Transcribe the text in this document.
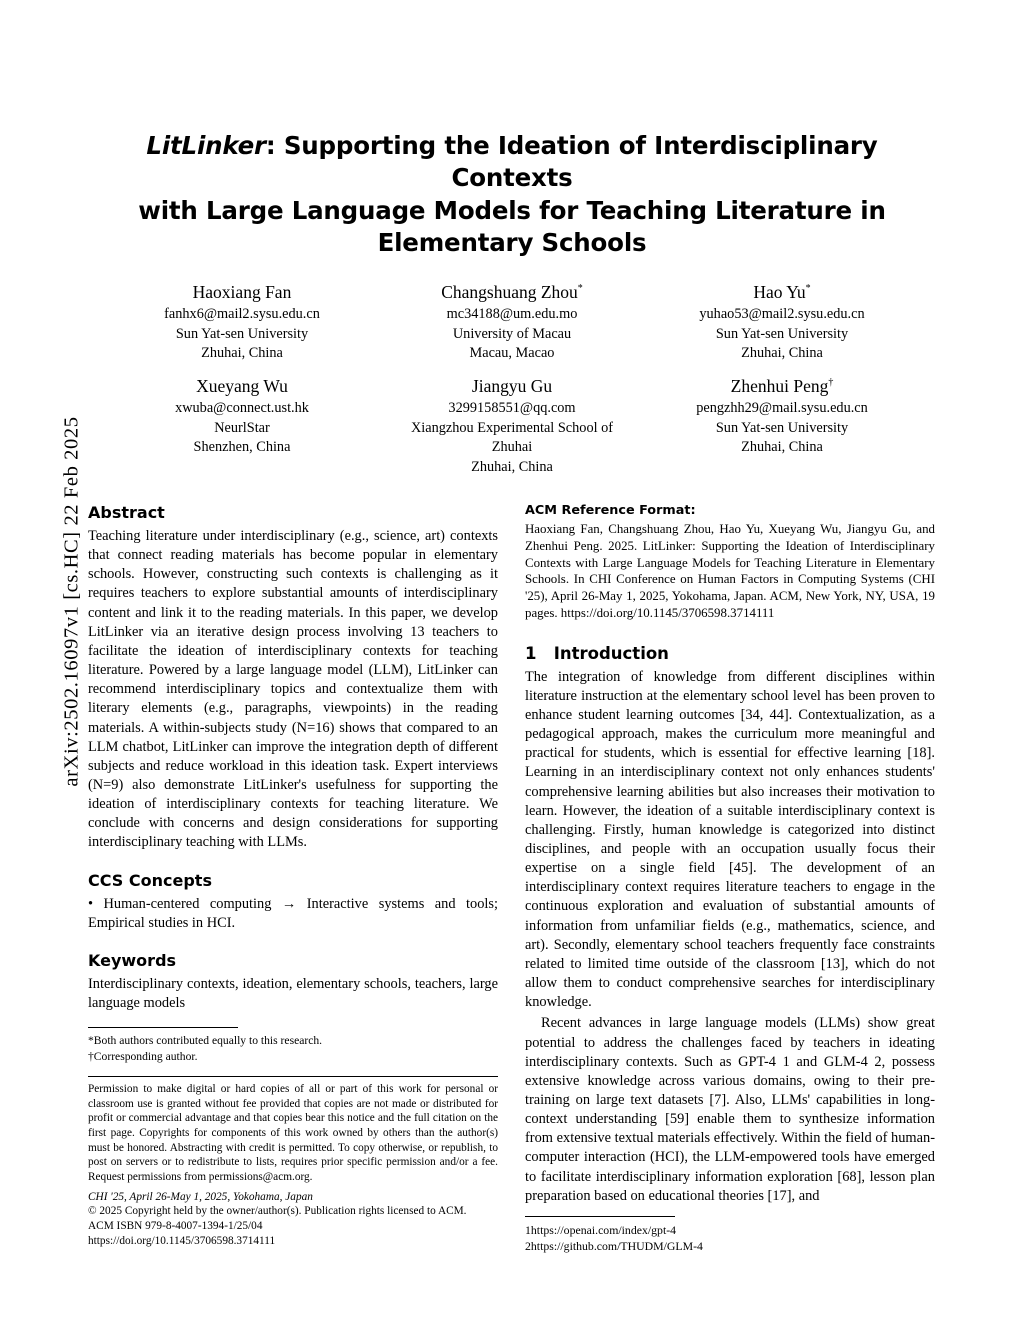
arXiv:2502.16097v1 [cs.HC] 22 Feb 2025
LitLinker: Supporting the Ideation of Interdisciplinary Contexts
with Large Language Models for Teaching Literature in
Elementary Schools
Haoxiang Fan
fanhx6@mail2.sysu.edu.cn
Sun Yat-sen University
Zhuhai, China
Changshuang Zhou*
mc34188@um.edu.mo
University of Macau
Macau, Macao
Hao Yu*
yuhao53@mail2.sysu.edu.cn
Sun Yat-sen University
Zhuhai, China
Xueyang Wu
xwuba@connect.ust.hk
NeurlStar
Shenzhen, China
Jiangyu Gu
3299158551@qq.com
Xiangzhou Experimental School of
Zhuhai
Zhuhai, China
Zhenhui Peng†
pengzhh29@mail.sysu.edu.cn
Sun Yat-sen University
Zhuhai, China
Abstract

Teaching literature under interdisciplinary (e.g., science, art) contexts that connect reading materials has become popular in elementary schools. However, constructing such contexts is challenging as it requires teachers to explore substantial amounts of interdisciplinary content and link it to the reading materials. In this paper, we develop LitLinker via an iterative design process involving 13 teachers to facilitate the ideation of interdisciplinary contexts for teaching literature. Powered by a large language model (LLM), LitLinker can recommend interdisciplinary topics and contextualize them with literary elements (e.g., paragraphs, viewpoints) in the reading materials. A within-subjects study (N=16) shows that compared to an LLM chatbot, LitLinker can improve the integration depth of different subjects and reduce workload in this ideation task. Expert interviews (N=9) also demonstrate LitLinker's usefulness for supporting the ideation of interdisciplinary contexts for teaching literature. We conclude with concerns and design considerations for supporting interdisciplinary teaching with LLMs.

CCS Concepts

• Human-centered computing → Interactive systems and tools; Empirical studies in HCI.

Keywords

Interdisciplinary contexts, ideation, elementary schools, teachers, large language models

*Both authors contributed equally to this research.

†Corresponding author.

Permission to make digital or hard copies of all or part of this work for personal or classroom use is granted without fee provided that copies are not made or distributed for profit or commercial advantage and that copies bear this notice and the full citation on the first page. Copyrights for components of this work owned by others than the author(s) must be honored. Abstracting with credit is permitted. To copy otherwise, or republish, to post on servers or to redistribute to lists, requires prior specific permission and/or a fee. Request permissions from permissions@acm.org.

CHI '25, April 26-May 1, 2025, Yokohama, Japan

© 2025 Copyright held by the owner/author(s). Publication rights licensed to ACM.

ACM ISBN 979-8-4007-1394-1/25/04

https://doi.org/10.1145/3706598.3714111

ACM Reference Format:

Haoxiang Fan, Changshuang Zhou, Hao Yu, Xueyang Wu, Jiangyu Gu, and Zhenhui Peng. 2025. LitLinker: Supporting the Ideation of Interdisciplinary Contexts with Large Language Models for Teaching Literature in Elementary Schools. In CHI Conference on Human Factors in Computing Systems (CHI '25), April 26-May 1, 2025, Yokohama, Japan. ACM, New York, NY, USA, 19 pages. https://doi.org/10.1145/3706598.3714111

1 Introduction

The integration of knowledge from different disciplines within literature instruction at the elementary school level has been proven to enhance student learning outcomes [34, 44]. Contextualization, as a pedagogical approach, makes the curriculum more meaningful and practical for students, which is essential for effective learning [18]. Learning in an interdisciplinary context not only enhances students' comprehensive learning abilities but also increases their motivation to learn. However, the ideation of a suitable interdisciplinary context is challenging. Firstly, human knowledge is categorized into distinct disciplines, and people with an occupation usually focus their expertise on a single field [45]. The development of an interdisciplinary context requires literature teachers to engage in the continuous exploration and evaluation of substantial amounts of information from unfamiliar fields (e.g., mathematics, science, and art). Secondly, elementary school teachers frequently face constraints related to limited time outside of the classroom [13], which do not allow them to conduct comprehensive searches for interdisciplinary knowledge.

Recent advances in large language models (LLMs) show great potential to address the challenges faced by teachers in ideating interdisciplinary contexts. Such as GPT-4 1 and GLM-4 2, possess extensive knowledge across various domains, owing to their pre-training on large text datasets [7]. Also, LLMs' capabilities in long-context understanding [59] enable them to synthesize information from extensive textual materials effectively. Within the field of human-computer interaction (HCI), the LLM-empowered tools have emerged to facilitate interdisciplinary information exploration [68], lesson plan preparation based on educational theories [17], and

1https://openai.com/index/gpt-4

2https://github.com/THUDM/GLM-4
